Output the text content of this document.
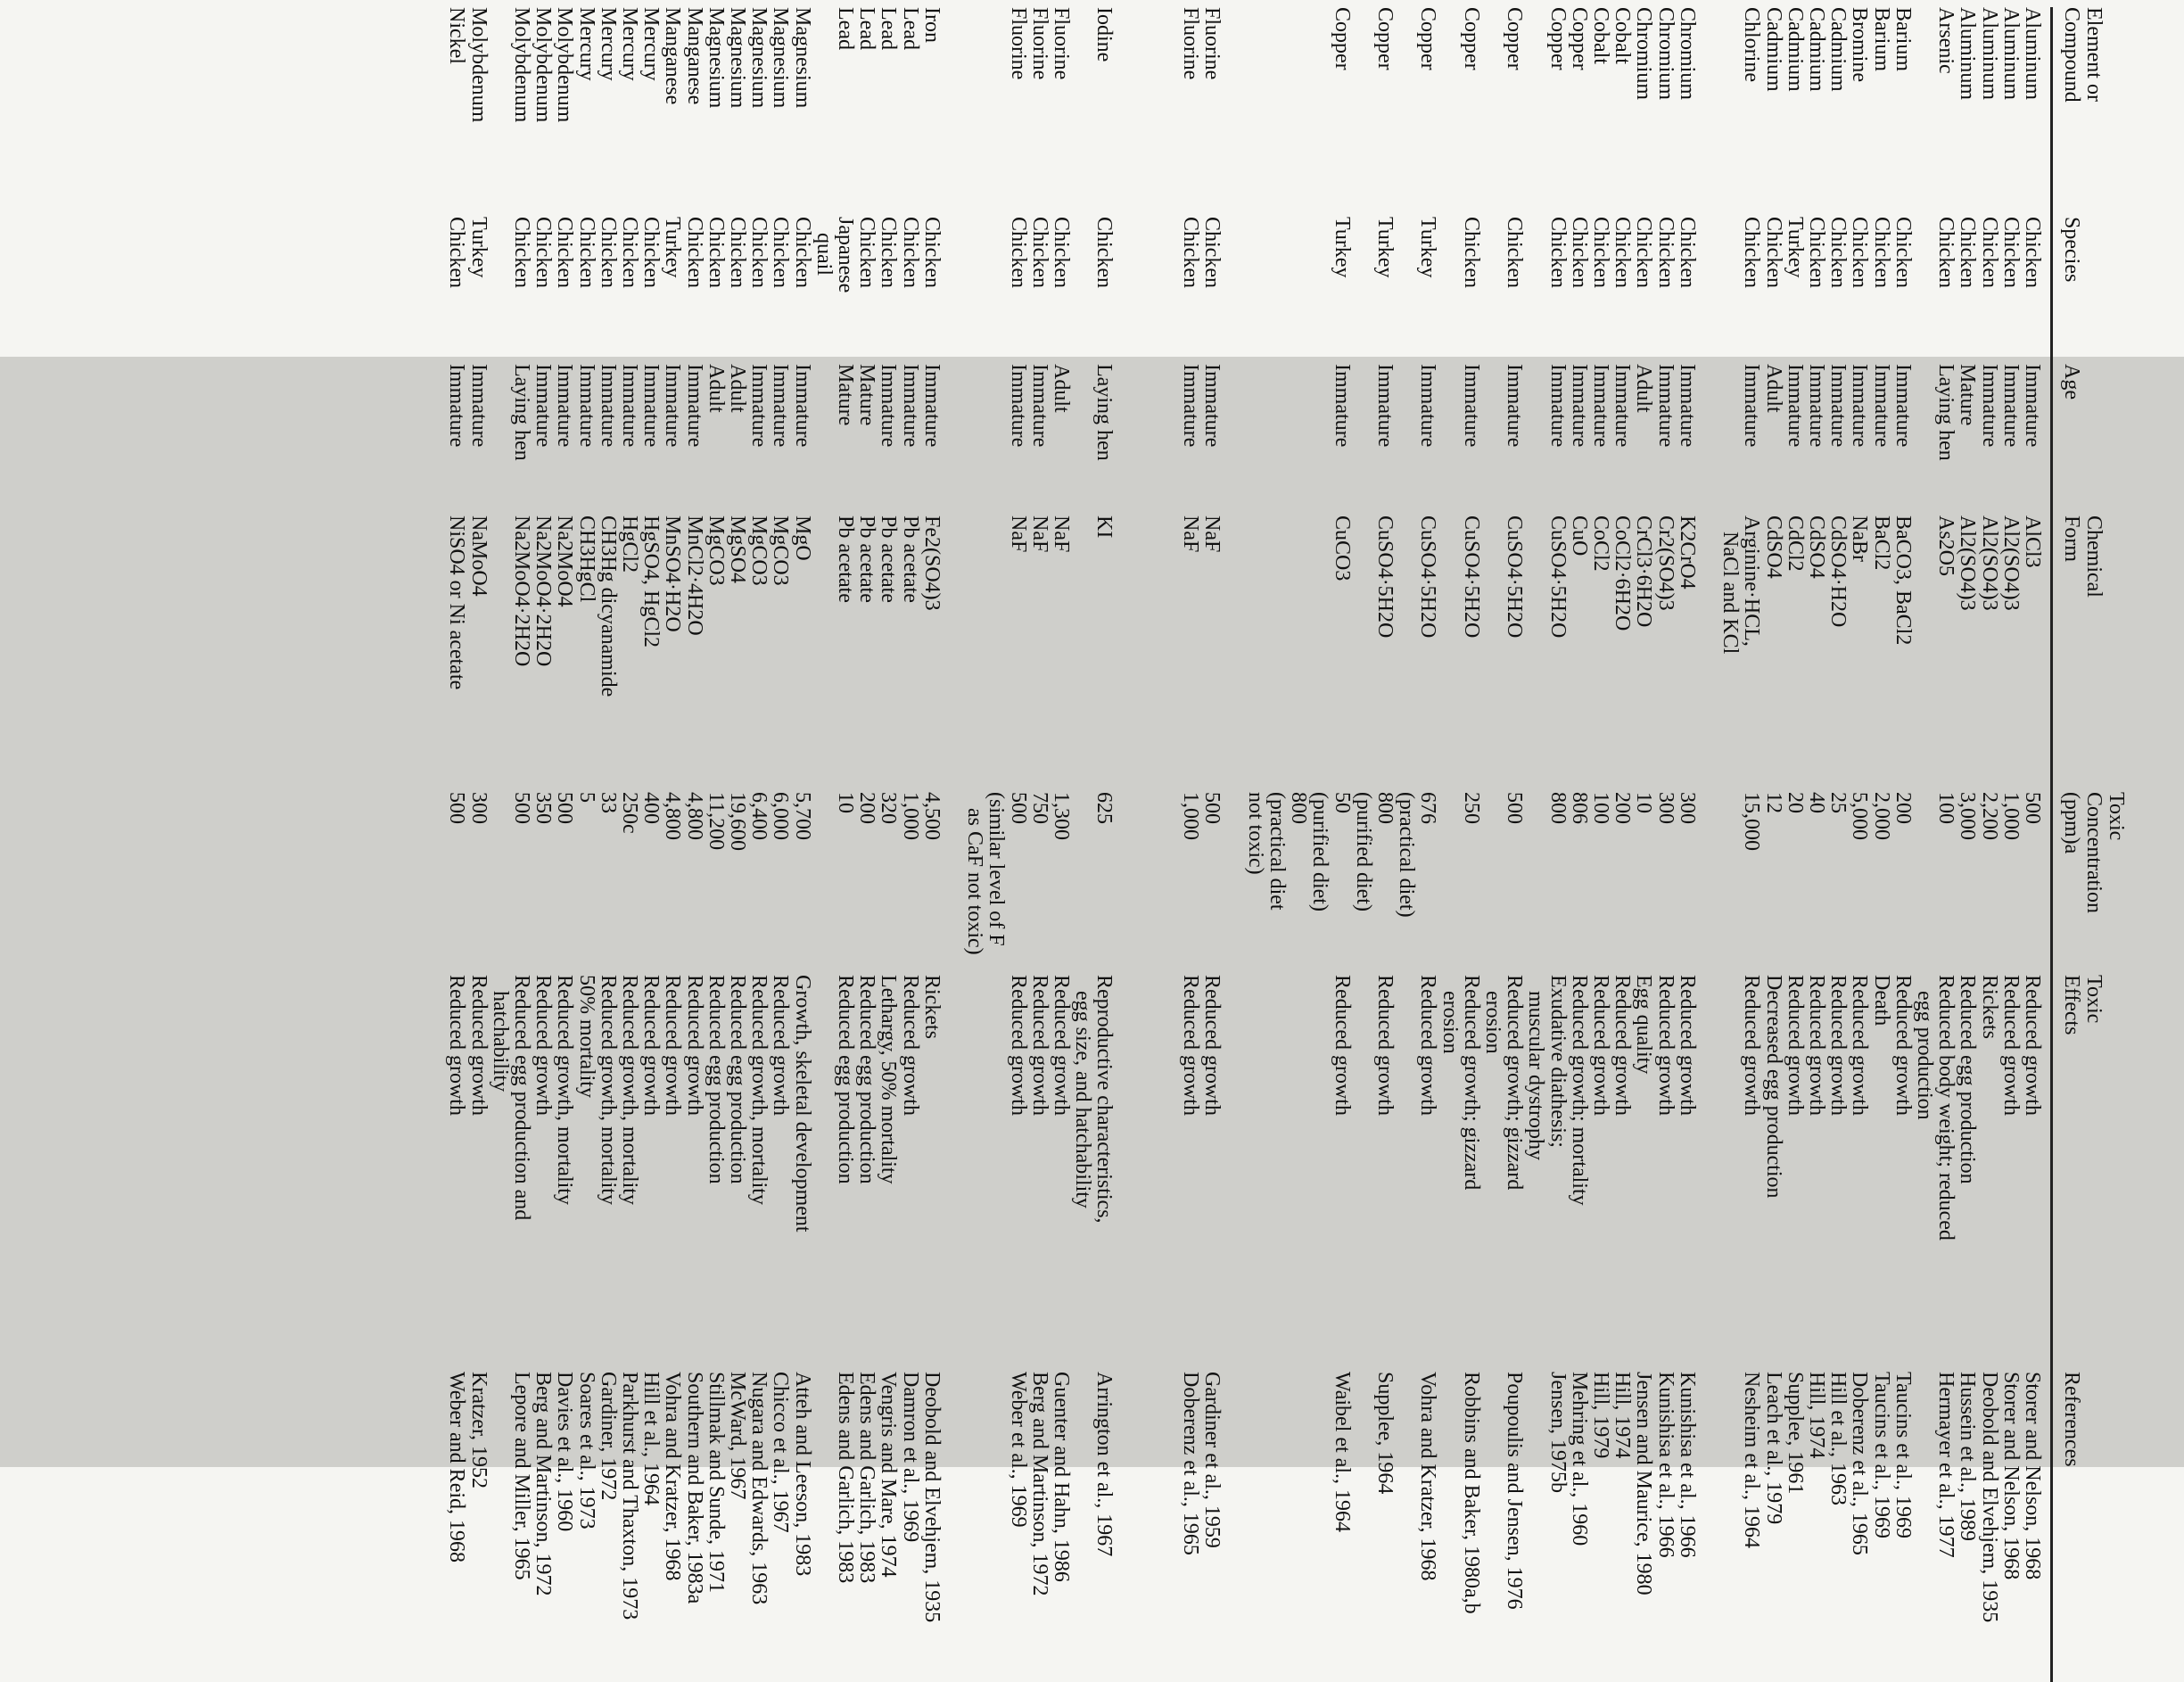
Element or
Compound
Species
Age
Chemical
Form
Toxic
Concentration
(ppm)a
Toxic
Effects
References
Aluminum
Chicken
Immature
AlCl3
500
Reduced growth
Storer and Nelson, 1968
Aluminum
Chicken
Immature
Al2(SO4)3
1,000
Reduced growth
Storer and Nelson, 1968
Aluminum
Chicken
Immature
Al2(SO4)3
2,200
Rickets
Deobold and Elvehjem, 1935
Aluminum
Chicken
Mature
Al2(SO4)3
3,000
Reduced egg production
Hussein et al., 1989
Arsenic
Chicken
Laying hen
As2O5
100
Reduced body weight; reduced
Hermayer et al., 1977
egg production
Barium
Chicken
Immature
BaCO3, BaCl2
200
Reduced growth
Taucins et al., 1969
Barium
Chicken
Immature
BaCl2
2,000
Death
Taucins et al., 1969
Bromine
Chicken
Immature
NaBr
5,000
Reduced growth
Doberenz et al., 1965
Cadmium
Chicken
Immature
CdSO4·H2O
25
Reduced growth
Hill et al., 1963
Cadmium
Chicken
Immature
CdSO4
40
Reduced growth
Hill, 1974
Cadmium
Turkey
Immature
CdCl2
20
Reduced growth
Supplee, 1961
Cadmium
Chicken
Adult
CdSO4
12
Decreased egg production
Leach et al., 1979
Chlorine
Chicken
Immature
Arginine·HCL,
15,000
Reduced growth
Nesheim et al., 1964
NaCl and KCl
Chromium
Chicken
Immature
K2CrO4
300
Reduced growth
Kunishisa et al., 1966
Chromium
Chicken
Immature
Cr2(SO4)3
300
Reduced growth
Kunishisa et al., 1966
Chromium
Chicken
Adult
CrCl3·6H2O
10
Egg quality
Jensen and Maurice, 1980
Cobalt
Chicken
Immature
CoCl2·6H2O
200
Reduced growth
Hill, 1974
Cobalt
Chicken
Immature
CoCl2
100
Reduced growth
Hill, 1979
Copper
Chicken
Immature
CuO
806
Reduced growth; mortality
Mehring et al., 1960
Copper
Chicken
Immature
CuSO4·5H2O
800
Exudative diathesis;
Jensen, 1975b
muscular dystrophy
Copper
Chicken
Immature
CuSO4·5H2O
500
Reduced growth; gizzard
Poupoulis and Jensen, 1976
erosion
Copper
Chicken
Immature
CuSO4·5H2O
250
Reduced growth; gizzard
Robbins and Baker, 1980a,b
erosion
Copper
Turkey
Immature
CuSO4·5H2O
676
Reduced growth
Vohra and Kratzer, 1968
(practical diet)
Copper
Turkey
Immature
CuSO4·5H2O
800
Reduced growth
Supplee, 1964
(purified diet)
Copper
Turkey
Immature
CuCO3
50
Reduced growth
Waibel et al., 1964
(purified diet)
800
(practical diet
not toxic)
Fluorine
Chicken
Immature
NaF
500
Reduced growth
Gardiner et al., 1959
Fluorine
Chicken
Immature
NaF
1,000
Reduced growth
Doberenz et al., 1965
Iodine
Chicken
Laying hen
KI
625
Reproductive characteristics,
Arrington et al., 1967
egg size, and hatchability
Fluorine
Chicken
Adult
NaF
1,300
Reduced growth
Guenter and Hahn, 1986
Fluorine
Chicken
Immature
NaF
750
Reduced growth
Berg and Martinson, 1972
Fluorine
Chicken
Immature
NaF
500
Reduced growth
Weber et al., 1969
(similar level of F
as CaF not toxic)
Iron
Chicken
Immature
Fe2(SO4)3
4,500
Rickets
Deobold and Elvehjem, 1935
Lead
Chicken
Immature
Pb acetate
1,000
Reduced growth
Damron et al., 1969
Lead
Chicken
Immature
Pb acetate
320
Lethargy, 50% mortality
Vengris and Mare, 1974
Lead
Chicken
Mature
Pb acetate
200
Reduced egg production
Edens and Garlich, 1983
Lead
Japanese
Mature
Pb acetate
10
Reduced egg production
Edens and Garlich, 1983
quail
Magnesium
Chicken
Immature
MgO
5,700
Growth, skeletal development
Atteh and Leeson, 1983
Magnesium
Chicken
Immature
MgCO3
6,000
Reduced growth
Chicco et al., 1967
Magnesium
Chicken
Immature
MgCO3
6,400
Reduced growth, mortality
Nugara and Edwards, 1963
Magnesium
Chicken
Adult
MgSO4
19,600
Reduced egg production
McWard, 1967
Magnesium
Chicken
Adult
MgCO3
11,200
Reduced egg production
Stillmak and Sunde, 1971
Manganese
Chicken
Immature
MnCl2·4H2O
4,800
Reduced growth
Southern and Baker, 1983a
Manganese
Turkey
Immature
MnSO4·H2O
4,800
Reduced growth
Vohra and Kratzer, 1968
Mercury
Chicken
Immature
HgSO4, HgCl2
400
Reduced growth
Hill et al., 1964
Mercury
Chicken
Immature
HgCl2
250c
Reduced growth, mortality
Parkhurst and Thaxton, 1973
Mercury
Chicken
Immature
CH3Hg dicyanamide
33
Reduced growth, mortality
Gardiner, 1972
Mercury
Chicken
Immature
CH3HgCl
5
50% mortality
Soares et al., 1973
Molybdenum
Chicken
Immature
Na2MoO4
500
Reduced growth, mortality
Davies et al., 1960
Molybdenum
Chicken
Immature
Na2MoO4·2H2O
350
Reduced growth
Berg and Martinson, 1972
Molybdenum
Chicken
Laying hen
Na2MoO4·2H2O
500
Reduced egg production and
Lepore and Miller, 1965
hatchability
Molybdenum
Turkey
Immature
NaMoO4
300
Reduced growth
Kratzer, 1952
Nickel
Chicken
Immature
NiSO4 or Ni acetate
500
Reduced growth
Weber and Reid, 1968
